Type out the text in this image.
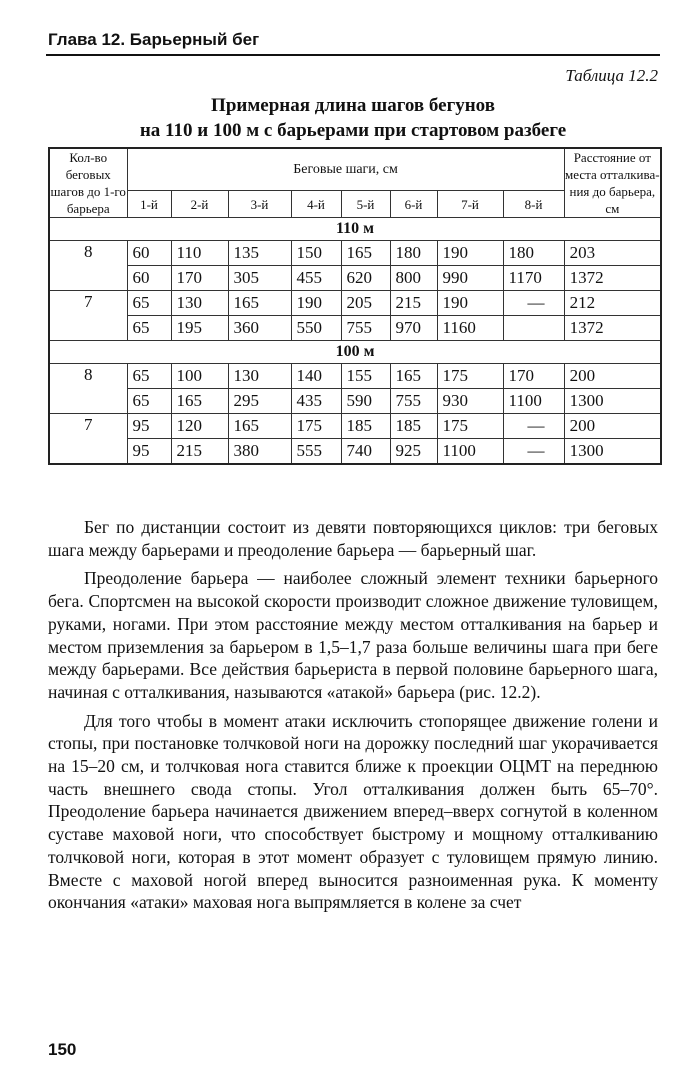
Глава 12. Барьерный бег
Таблица 12.2
Примерная длина шагов бегунов
на 110 и 100 м с барьерами при стартовом разбеге
Кол-во беговых шагов до 1-го барьера	Беговые шаги, см								Расстояние от места отталкива-ния до барьера, см
	1-й	2-й	3-й	4-й	5-й	6-й	7-й	8-й	
110 м									
8	60	110	135	150	165	180	190	180	203
	60	170	305	455	620	800	990	1170	1372
7	65	130	165	190	205	215	190	—	212
	65	195	360	550	755	970	1160		1372
100 м									
8	65	100	130	140	155	165	175	170	200
	65	165	295	435	590	755	930	1100	1300
7	95	120	165	175	185	185	175	—	200
	95	215	380	555	740	925	1100	—	1300

Бег по дистанции состоит из девяти повторяющихся циклов: три беговых шага между барьерами и преодоление барьера — барьерный шаг.

Преодоление барьера — наиболее сложный элемент техники барьерного бега. Спортсмен на высокой скорости производит сложное движение туловищем, руками, ногами. При этом расстояние между местом отталкивания на барьер и местом приземления за барьером в 1,5–1,7 раза больше величины шага при беге между барьерами. Все действия барьериста в первой половине барьерного шага, начиная с отталкивания, называются «атакой» барьера (рис. 12.2).

Для того чтобы в момент атаки исключить стопорящее движение голени и стопы, при постановке толчковой ноги на дорожку последний шаг укорачивается на 15–20 см, и толчковая нога ставится ближе к проекции ОЦМТ на переднюю часть внешнего свода стопы. Угол отталкивания должен быть 65–70°. Преодоление барьера начинается движением вперед–вверх согнутой в коленном суставе маховой ноги, что способствует быстрому и мощному отталкиванию толчковой ноги, которая в этот момент образует с туловищем прямую линию. Вместе с маховой ногой вперед выносится разноименная рука. К моменту окончания «атаки» маховая нога выпрямляется в колене за счет

150
